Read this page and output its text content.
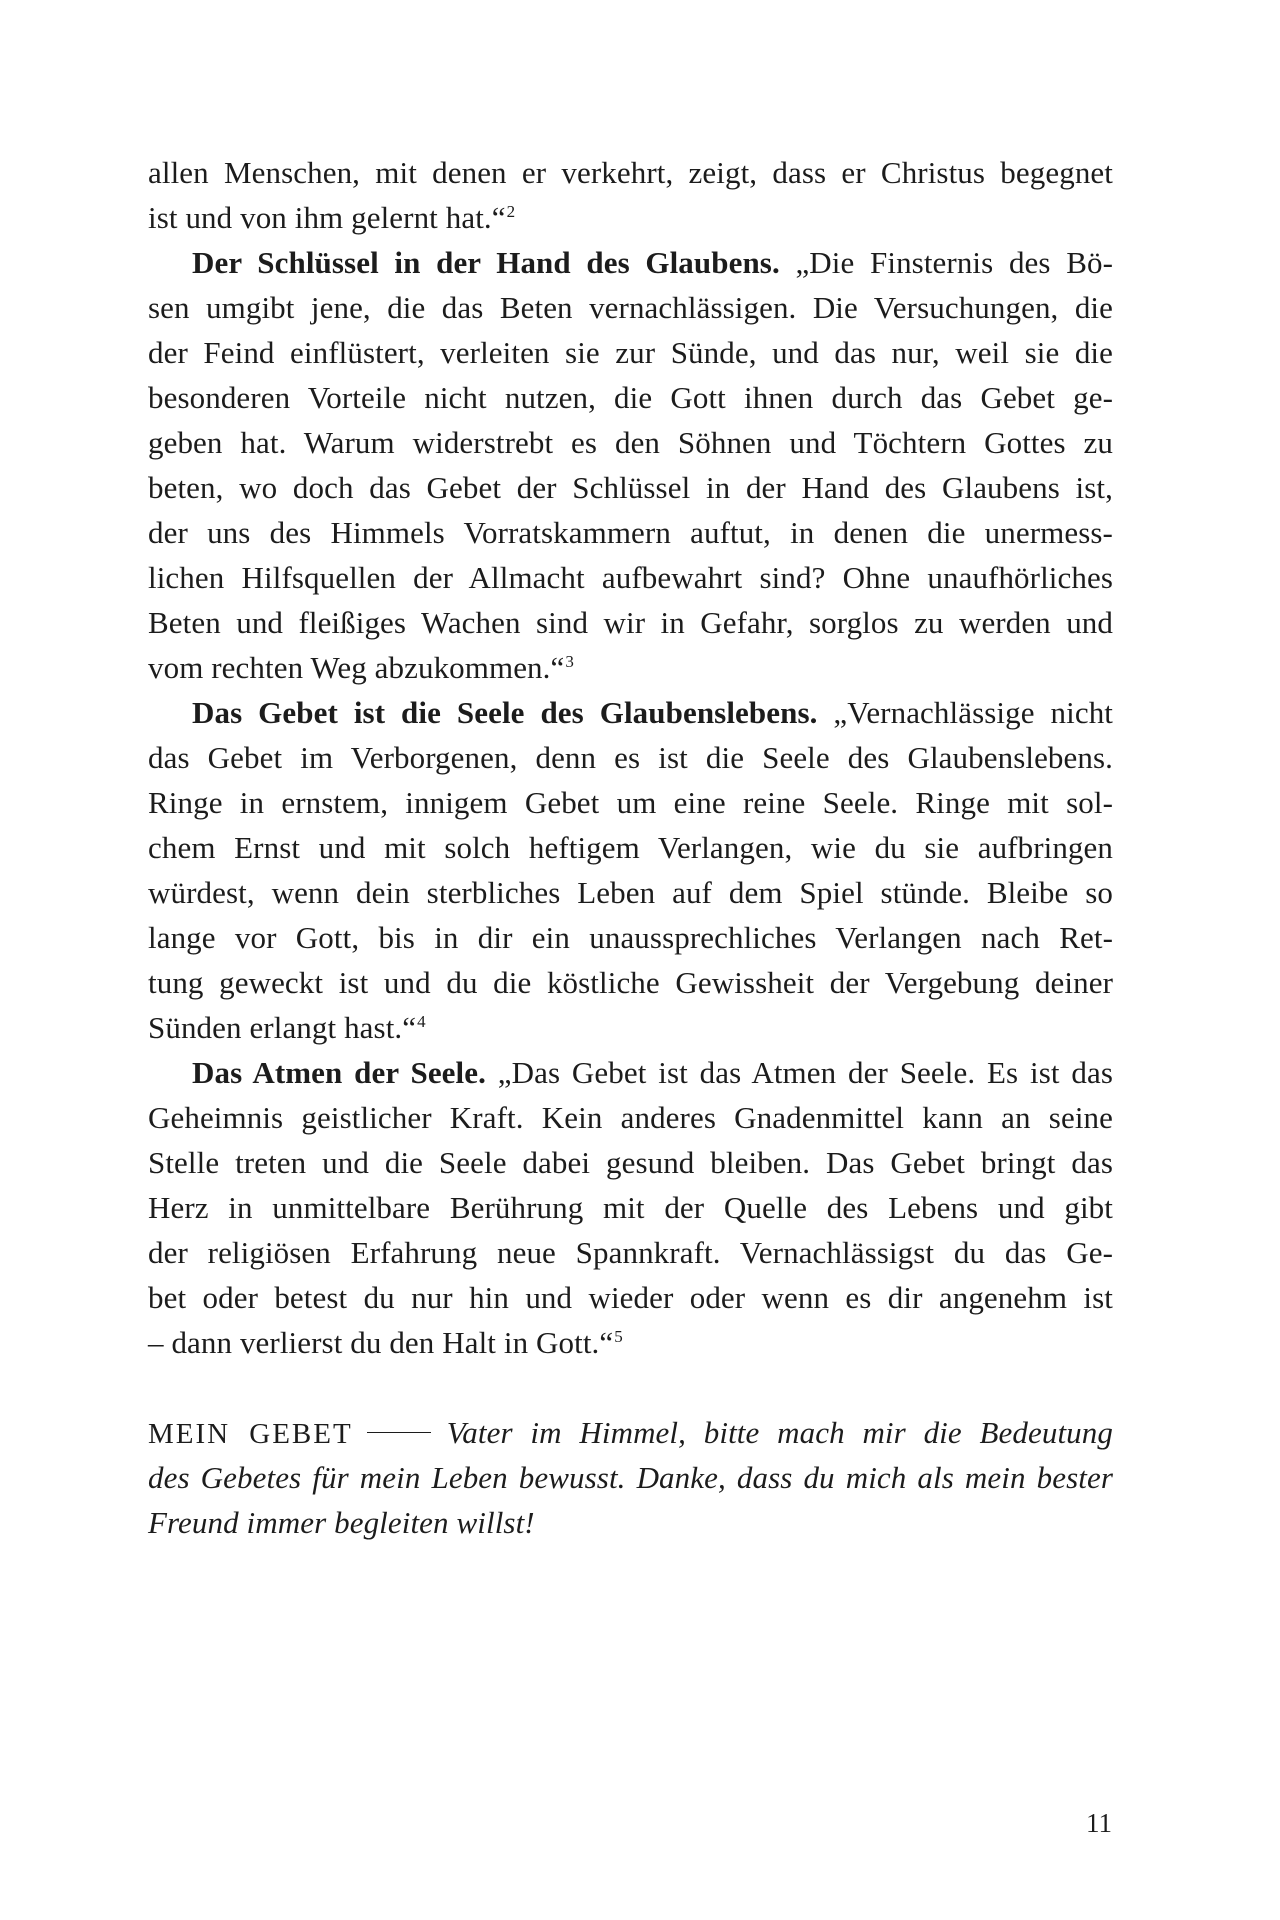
allen Menschen, mit denen er verkehrt, zeigt, dass er Christus begegnet
ist und von ihm gelernt hat.“$^2$
Der Schlüssel in der Hand des Glaubens. „Die Finsternis des Bö-
sen umgibt jene, die das Beten vernachlässigen. Die Versuchungen, die
der Feind einflüstert, verleiten sie zur Sünde, und das nur, weil sie die
besonderen Vorteile nicht nutzen, die Gott ihnen durch das Gebet ge-
geben hat. Warum widerstrebt es den Söhnen und Töchtern Gottes zu
beten, wo doch das Gebet der Schlüssel in der Hand des Glaubens ist,
der uns des Himmels Vorratskammern auftut, in denen die unermess-
lichen Hilfsquellen der Allmacht aufbewahrt sind? Ohne unaufhörliches
Beten und fleißiges Wachen sind wir in Gefahr, sorglos zu werden und
vom rechten Weg abzukommen.“$^3$
Das Gebet ist die Seele des Glaubenslebens. „Vernachlässige nicht
das Gebet im Verborgenen, denn es ist die Seele des Glaubenslebens.
Ringe in ernstem, innigem Gebet um eine reine Seele. Ringe mit sol-
chem Ernst und mit solch heftigem Verlangen, wie du sie aufbringen
würdest, wenn dein sterbliches Leben auf dem Spiel stünde. Bleibe so
lange vor Gott, bis in dir ein unaussprechliches Verlangen nach Ret-
tung geweckt ist und du die köstliche Gewissheit der Vergebung deiner
Sünden erlangt hast.“$^4$
Das Atmen der Seele. „Das Gebet ist das Atmen der Seele. Es ist das
Geheimnis geistlicher Kraft. Kein anderes Gnadenmittel kann an seine
Stelle treten und die Seele dabei gesund bleiben. Das Gebet bringt das
Herz in unmittelbare Berührung mit der Quelle des Lebens und gibt
der religiösen Erfahrung neue Spannkraft. Vernachlässigst du das Ge-
bet oder betest du nur hin und wieder oder wenn es dir angenehm ist
– dann verlierst du den Halt in Gott.“$^5$
MEIN GEBET	Vater im Himmel, bitte mach mir die Bedeutung
des Gebetes für mein Leben bewusst. Danke, dass du mich als mein bester
Freund immer begleiten willst!
11
